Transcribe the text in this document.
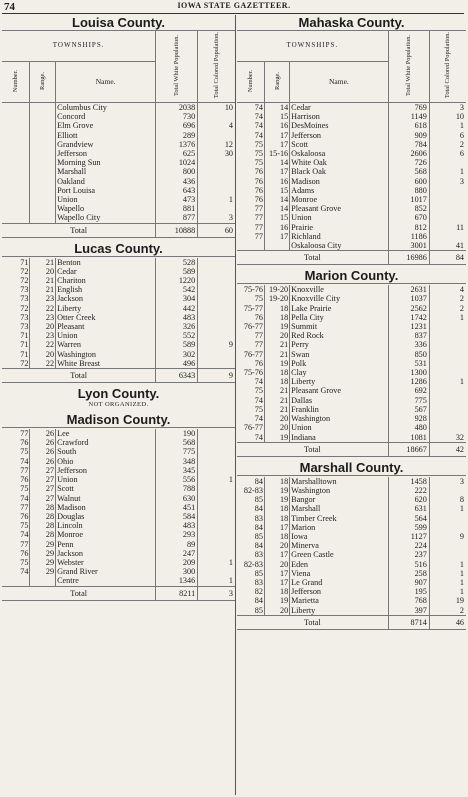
74	IOWA STATE GAZETTEER.
Louisa County.
TOWNSHIPS.			Total White Population.	Total Colored Population.
Number.	Range.	Name.		
		Columbus City	2038	10
		Concord	730	
		Elm Grove	696	4
		Elliott	289	
		Grandview	1376	12
		Jefferson	625	30
		Morning Sun	1024	
		Marshall	800	
		Oakland	436	
		Port Louisa	643	
		Union	473	1
		Wapello	881	
		Wapello City	877	3
Total			10888	60
Lucas County.

71	21	Benton	528	
72	20	Cedar	589	
72	21	Chariton	1220	
73	21	English	542	
73	23	Jackson	304	
72	22	Liberty	442	
73	23	Otter Creek	483	
73	20	Pleasant	326	
71	23	Union	552	
71	22	Warren	589	9
71	20	Washington	302	
72	22	White Breast	496	
Total			6343	9
Lyon County.
NOT ORGANIZED.
Madison County.

77	26	Lee	190	
76	26	Crawford	568	
75	26	South	775	
74	26	Ohio	348	
77	27	Jefferson	345	
76	27	Union	556	1
75	27	Scott	788	
74	27	Walnut	630	
77	28	Madison	451	
76	28	Douglas	584	
75	28	Lincoln	483	
74	28	Monroe	293	
77	29	Penn	89	
76	29	Jackson	247	
75	29	Webster	209	1
74	29	Grand River	300	
		Centre	1346	1
Total			8211	3
Mahaska County.
TOWNSHIPS.			Total White Population.	Total Colored Population.
Number.	Range.	Name.		
74	14	Cedar	769	3
74	15	Harrison	1149	10
74	16	DesMoines	618	1
74	17	Jefferson	909	6
75	17	Scott	784	2
75	15-16	Oskaloosa	2606	6
75	14	White Oak	726	
76	17	Black Oak	568	1
76	16	Madison	600	3
76	15	Adams	880	
76	14	Monroe	1017	
77	14	Pleasant Grove	852	
77	15	Union	670	
77	16	Prairie	812	11
77	17	Richland	1186	
		Oskaloosa City	3001	41
Total			16986	84
Marion County.

75-76	19-20	Knoxville	2631	4
75	19-20	Knoxville City	1037	2
75-77	18	Lake Prairie	2562	2
76	18	Pella City	1742	1
76-77	19	Summit	1231	
77	20	Red Rock	837	
77	21	Perry	336	
76-77	21	Swan	850	
76	19	Polk	531	
75-76	18	Clay	1300	
74	18	Liberty	1286	1
75	21	Pleasant Grove	692	
74	21	Dallas	775	
75	21	Franklin	567	
74	20	Washington	928	
76-77	20	Union	480	
74	19	Indiana	1081	32
Total			18667	42
Marshall County.

84	18	Marshalltown	1458	3
82-83	19	Washington	222	
85	19	Bangor	620	8
84	18	Marshall	631	1
83	18	Timber Creek	564	
84	17	Marion	599	
85	18	Iowa	1127	9
84	20	Minerva	224	
83	17	Green Castle	237	
82-83	20	Eden	516	1
85	17	Viena	258	1
83	17	Le Grand	907	1
82	18	Jefferson	195	1
84	19	Marietta	768	19
85	20	Liberty	397	2
Total			8714	46
